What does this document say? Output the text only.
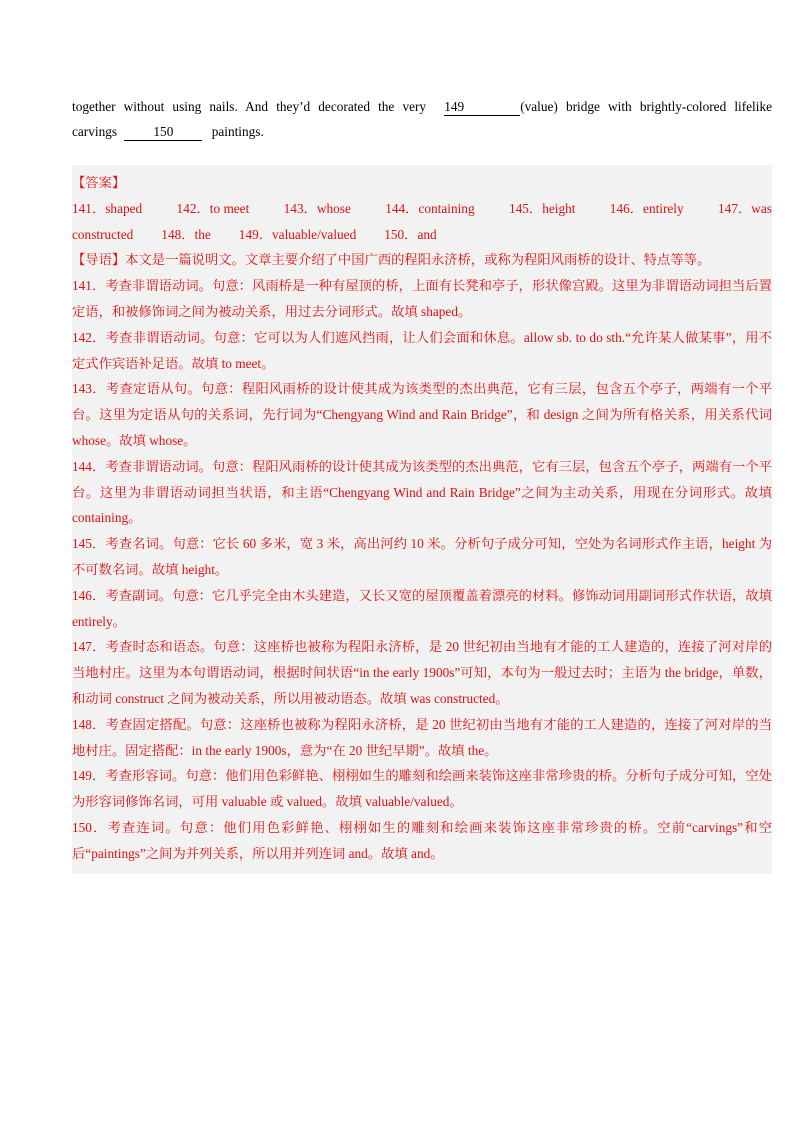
together without using nails. And they’d decorated the very 149	(value) bridge with brightly-colored lifelike
carvings	150	paintings.
【答案】
141．shaped	142．to meet	143．whose	144．containing	145．height	146．entirely	147．was
constructed 148．the 149．valuable/valued 150．and
【导语】本文是一篇说明文。文章主要介绍了中国广西的程阳永济桥，或称为程阳风雨桥的设计、特点等等。
141．考查非谓语动词。句意：风雨桥是一种有屋顶的桥，上面有长凳和亭子，形状像宫殿。这里为非谓语动词担当后置定语，和被修饰词之间为被动关系，用过去分词形式。故填 shaped。
142．考查非谓语动词。句意：它可以为人们遮风挡雨，让人们会面和休息。allow sb. to do sth.“允许某人做某事”，用不定式作宾语补足语。故填 to meet。
143．考查定语从句。句意：程阳风雨桥的设计使其成为该类型的杰出典范，它有三层，包含五个亭子，两端有一个平台。这里为定语从句的关系词，先行词为“Chengyang Wind and Rain Bridge”，和 design 之间为所有格关系，用关系代词 whose。故填 whose。
144．考查非谓语动词。句意：程阳风雨桥的设计使其成为该类型的杰出典范，它有三层，包含五个亭子，两端有一个平台。这里为非谓语动词担当状语，和主语“Chengyang Wind and Rain Bridge”之间为主动关系，用现在分词形式。故填 containing。
145．考查名词。句意：它长 60 多米，宽 3 米，高出河约 10 米。分析句子成分可知，空处为名词形式作主语，height 为不可数名词。故填 height。
146．考查副词。句意：它几乎完全由木头建造，又长又宽的屋顶覆盖着漂亮的材料。修饰动词用副词形式作状语，故填 entirely。
147．考查时态和语态。句意：这座桥也被称为程阳永济桥，是 20 世纪初由当地有才能的工人建造的，连接了河对岸的当地村庄。这里为本句谓语动词，根据时间状语“in the early 1900s”可知，本句为一般过去时；主语为 the bridge，单数，和动词 construct 之间为被动关系，所以用被动语态。故填 was constructed。
148．考查固定搭配。句意：这座桥也被称为程阳永济桥，是 20 世纪初由当地有才能的工人建造的，连接了河对岸的当地村庄。固定搭配：in the early 1900s，意为“在 20 世纪早期”。故填 the。
149．考查形容词。句意：他们用色彩鲜艳、栩栩如生的雕刻和绘画来装饰这座非常珍贵的桥。分析句子成分可知，空处为形容词修饰名词，可用 valuable 或 valued。故填 valuable/valued。
150．考查连词。句意：他们用色彩鲜艳、栩栩如生的雕刻和绘画来装饰这座非常珍贵的桥。空前“carvings”和空后“paintings”之间为并列关系，所以用并列连词 and。故填 and。
